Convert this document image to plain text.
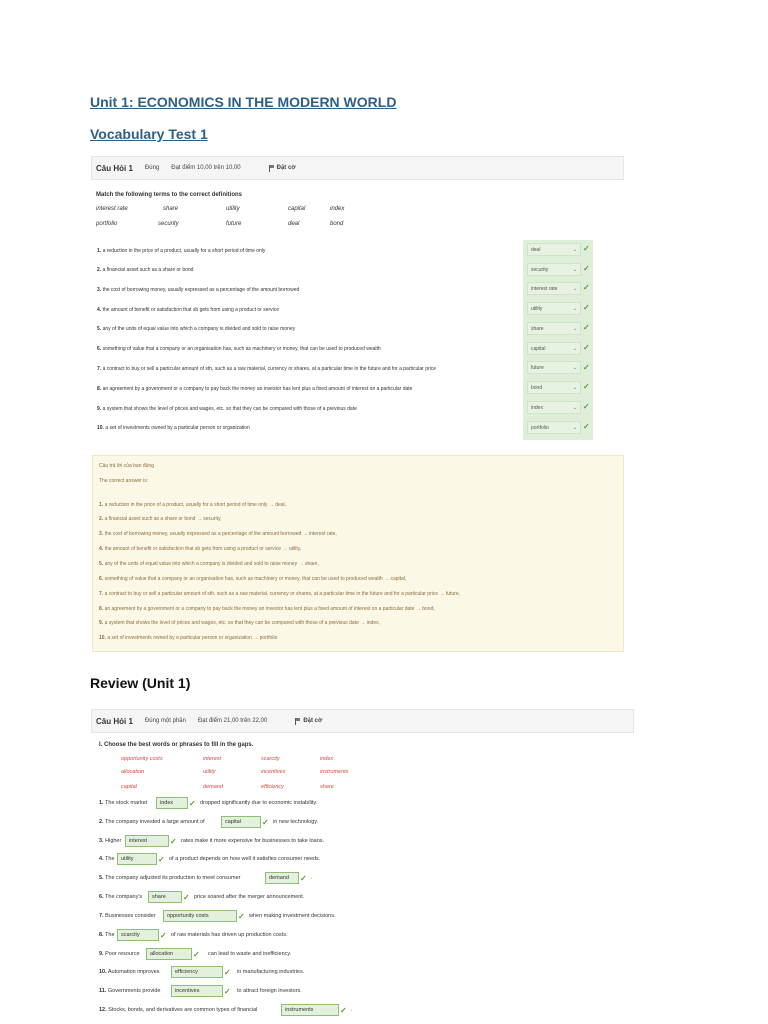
Unit 1: ECONOMICS IN THE MODERN WORLD
Vocabulary Test 1
Câu Hỏi 1 Đúng Đạt điểm 10,00 trên 10,00	Đặt cờ
Match the following terms to the correct definitions
interest rate	share	utility	capital	index
portfolio	security	future	deal	bond
1. a reduction in the price of a product, usually for a short period of time only	deal	⌄ ✓
2. a financial asset such as a share or bond	security	⌄ ✓
3. the cost of borrowing money, usually expressed as a percentage of the amount borrowed	interest rate	⌄ ✓
4. the amount of benefit or satisfaction that sb gets from using a product or service	utility	⌄ ✓
5. any of the units of equal value into which a company is divided and sold to raise money	share	⌄ ✓
6. something of value that a company or an organisation has, such as machinery or money, that can be used to produced wealth	capital	⌄ ✓
7. a contract to buy or sell a particular amount of sth, such as a raw material, currency or shares, at a particular time in the future and for a particular price	future	⌄ ✓
8. an agreement by a government or a company to pay back the money an investor has lent plus a fixed amount of interest on a particular date	bond	⌄ ✓
9. a system that shows the level of prices and wages, etc. so that they can be compared with those of a previous date	index	⌄ ✓
10. a set of investments owned by a particular person or organization	portfolio	⌄ ✓
Câu trả lời của bạn đúng
The correct answer is:
1. a reduction in the price of a product, usually for a short period of time only → deal,
2. a financial asset such as a share or bond → security,
3. the cost of borrowing money, usually expressed as a percentage of the amount borrowed → interest rate,
4. the amount of benefit or satisfaction that sb gets from using a product or service → utility,
5. any of the units of equal value into which a company is divided and sold to raise money → share,
6. something of value that a company or an organisation has, such as machinery or money, that can be used to produced wealth → capital,
7. a contract to buy or sell a particular amount of sth, such as a raw material, currency or shares, at a particular time in the future and for a particular price → future,
8. an agreement by a government or a company to pay back the money an investor has lent plus a fixed amount of interest on a particular date → bond,
9. a system that shows the level of prices and wages, etc. so that they can be compared with those of a previous date → index,
10. a set of investments owned by a particular person or organization → portfolio
Review (Unit 1)
Câu Hỏi 1 Đúng một phần Đạt điểm 21,00 trên 22,00	Đặt cờ
I. Choose the best words or phrases to fill in the gaps.
opportunity costs	interest	scarcity	index
allocation	utility	incentives	instruments
capital	demand	efficiency	share
1. The stock market	index	✓ dropped significantly due to economic instability.
2. The company invested a large amount of	capital	✓ in new technology.
3. Higher	interest	✓ rates make it more expensive for businesses to take loans.
4. The	utility	✓ of a product depends on how well it satisfies consumer needs.
5. The company adjusted its production to meet consumer	demand	✓ .
6. The company's	share	✓ price soared after the merger announcement.
7. Businesses consider	opportunity costs	✓ when making investment decisions.
8. The	scarcity	✓ of raw materials has driven up production costs.
9. Poor resource	allocation	✓ can lead to waste and inefficiency.
10. Automation improves	efficiency	✓ in manufacturing industries.
11. Governments provide	incentives	✓ to attract foreign investors.
12. Stocks, bonds, and derivatives are common types of financial	instruments	✓ .
